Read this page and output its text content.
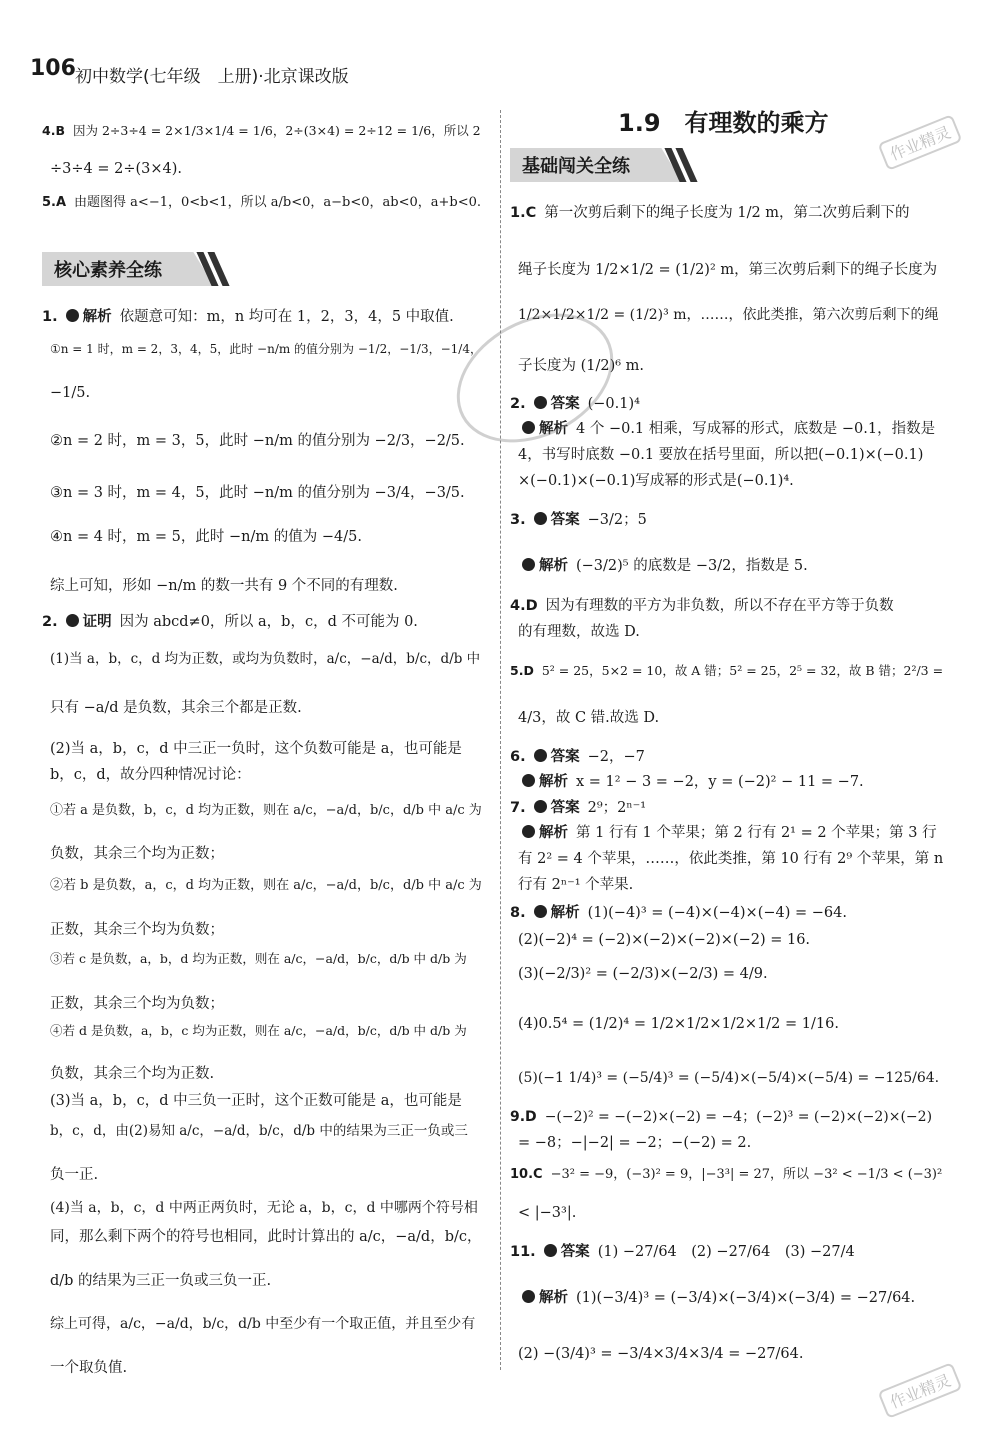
106 初中数学(七年级　上册)·北京课改版
1.9　有理数的乘方
核心素养全练
基础闯关全练
4.B 因为 2÷3÷4 = 2×1/3×1/4 = 1/6，2÷(3×4) = 2÷12 = 1/6，所以 2
÷3÷4 = 2÷(3×4).
5.A 由题图得 a<−1，0<b<1，所以 a/b<0，a−b<0，ab<0，a+b<0.
1. 解析 依题意可知：m，n 均可在 1，2，3，4，5 中取值.
①n = 1 时，m = 2，3，4，5，此时 −n/m 的值分别为 −1/2，−1/3，−1/4，
−1/5.
②n = 2 时，m = 3，5，此时 −n/m 的值分别为 −2/3，−2/5.
③n = 3 时，m = 4，5，此时 −n/m 的值分别为 −3/4，−3/5.
④n = 4 时，m = 5，此时 −n/m 的值为 −4/5.
综上可知，形如 −n/m 的数一共有 9 个不同的有理数.
2. 证明 因为 abcd≠0，所以 a，b，c，d 不可能为 0.
(1)当 a，b，c，d 均为正数，或均为负数时，a/c，−a/d，b/c，d/b 中
只有 −a/d 是负数，其余三个都是正数.
(2)当 a，b，c，d 中三正一负时，这个负数可能是 a，也可能是
b，c，d，故分四种情况讨论：
①若 a 是负数，b，c，d 均为正数，则在 a/c，−a/d，b/c，d/b 中 a/c 为
负数，其余三个均为正数；
②若 b 是负数，a，c，d 均为正数，则在 a/c，−a/d，b/c，d/b 中 a/c 为
正数，其余三个均为负数；
③若 c 是负数，a，b，d 均为正数，则在 a/c，−a/d，b/c，d/b 中 d/b 为
正数，其余三个均为负数；
④若 d 是负数，a，b，c 均为正数，则在 a/c，−a/d，b/c，d/b 中 d/b 为
负数，其余三个均为正数.
(3)当 a，b，c，d 中三负一正时，这个正数可能是 a，也可能是
b，c，d，由(2)易知 a/c，−a/d，b/c，d/b 中的结果为三正一负或三
负一正.
(4)当 a，b，c，d 中两正两负时，无论 a，b，c，d 中哪两个符号相
同，那么剩下两个的符号也相同，此时计算出的 a/c，−a/d，b/c，
d/b 的结果为三正一负或三负一正.
综上可得，a/c，−a/d，b/c，d/b 中至少有一个取正值，并且至少有
一个取负值.
1.C 第一次剪后剩下的绳子长度为 1/2 m，第二次剪后剩下的
绳子长度为 1/2×1/2 = (1/2)² m，第三次剪后剩下的绳子长度为
1/2×1/2×1/2 = (1/2)³ m，……，依此类推，第六次剪后剩下的绳
子长度为 (1/2)⁶ m.
2. 答案 (−0.1)⁴
解析 4 个 −0.1 相乘，写成幂的形式，底数是 −0.1，指数是
4，书写时底数 −0.1 要放在括号里面，所以把(−0.1)×(−0.1)
×(−0.1)×(−0.1)写成幂的形式是(−0.1)⁴.
3. 答案 −3/2；5
解析 (−3/2)⁵ 的底数是 −3/2，指数是 5.
4.D 因为有理数的平方为非负数，所以不存在平方等于负数
的有理数，故选 D.
5.D 5² = 25，5×2 = 10，故 A 错；5² = 25，2⁵ = 32，故 B 错；2²/3 =
4/3，故 C 错.故选 D.
6. 答案 −2，−7
解析 x = 1² − 3 = −2，y = (−2)² − 11 = −7.
7. 答案 2⁹；2ⁿ⁻¹
解析 第 1 行有 1 个苹果；第 2 行有 2¹ = 2 个苹果；第 3 行
有 2² = 4 个苹果，……，依此类推，第 10 行有 2⁹ 个苹果，第 n
行有 2ⁿ⁻¹ 个苹果.
8. 解析 (1)(−4)³ = (−4)×(−4)×(−4) = −64.
(2)(−2)⁴ = (−2)×(−2)×(−2)×(−2) = 16.
(3)(−2/3)² = (−2/3)×(−2/3) = 4/9.
(4)0.5⁴ = (1/2)⁴ = 1/2×1/2×1/2×1/2 = 1/16.
(5)(−1 1/4)³ = (−5/4)³ = (−5/4)×(−5/4)×(−5/4) = −125/64.
9.D −(−2)² = −(−2)×(−2) = −4；(−2)³ = (−2)×(−2)×(−2)
= −8；−|−2| = −2；−(−2) = 2.
10.C −3² = −9，(−3)² = 9，|−3³| = 27，所以 −3² < −1/3 < (−3)²
< |−3³|.
11. 答案 (1) −27/64　(2) −27/64　(3) −27/4
解析 (1)(−3/4)³ = (−3/4)×(−3/4)×(−3/4) = −27/64.
(2) −(3/4)³ = −3/4×3/4×3/4 = −27/64.
作业精灵
作业精灵
